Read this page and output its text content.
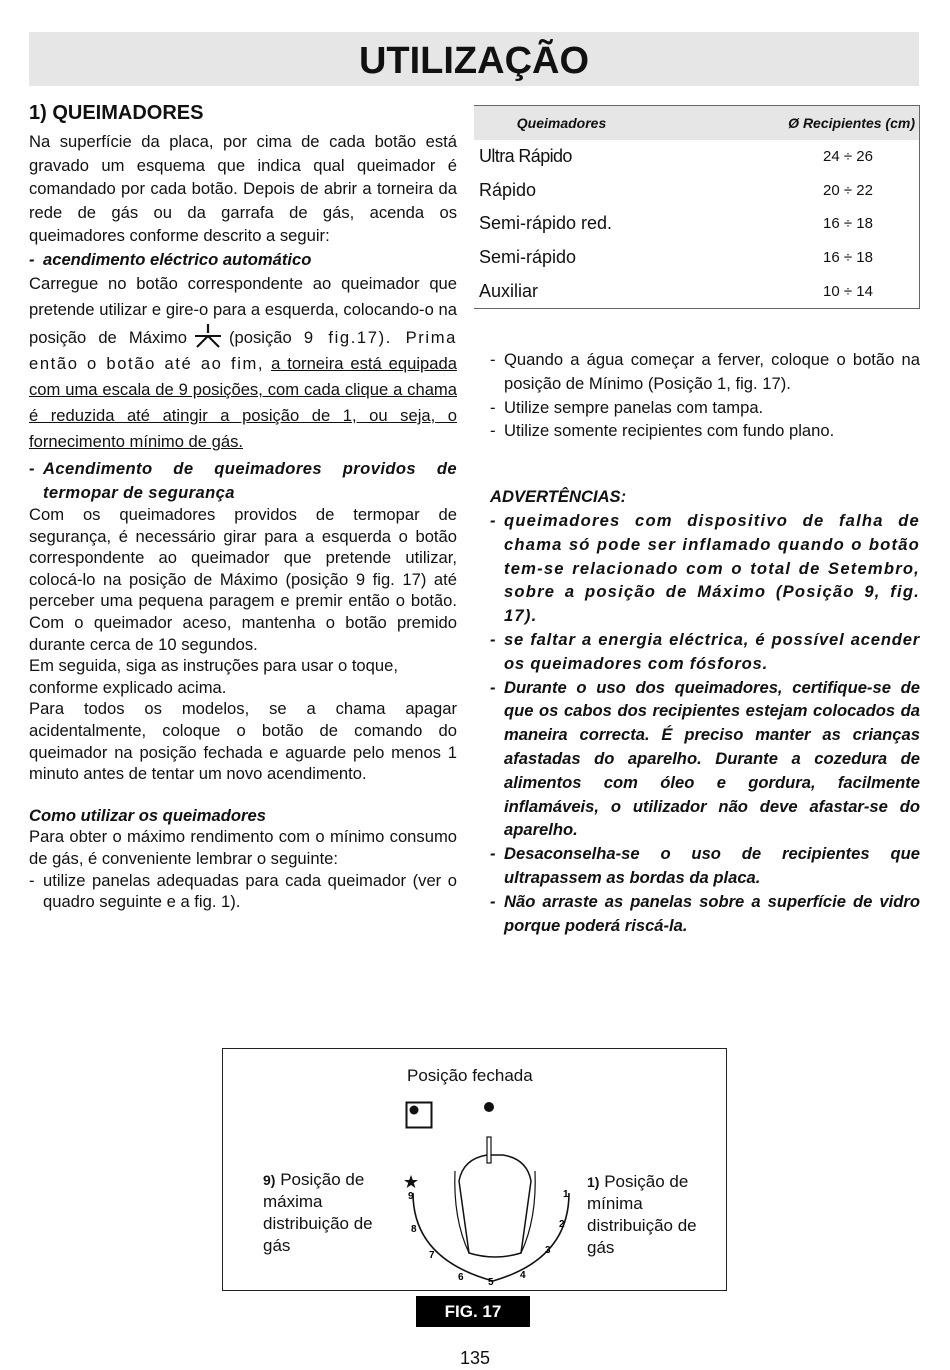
UTILIZAÇÃO
1) QUEIMADORES

Na superfície da placa, por cima de cada botão está gravado um esquema que indica qual queimador é comandado por cada botão. Depois de abrir a torneira da rede de gás ou da garrafa de gás, acenda os queimadores conforme descrito a seguir:

- acendimento eléctrico automático

Carregue no botão correspondente ao queimador que pretende utilizar e gire-o para a esquerda, colocando-o na posição de Máximo	(posição 9 fig.17). Prima então o botão até ao fim, a torneira está equipada com uma escala de 9 posições, com cada clique a chama é reduzida até atingir a posição de 1, ou seja, o fornecimento mínimo de gás.

- Acendimento de queimadores providos de termopar de segurança

Com os queimadores providos de termopar de segurança, é necessário girar para a esquerda o botão correspondente ao queimador que pretende utilizar, colocá-lo na posição de Máximo (posição 9 fig. 17) até perceber uma pequena paragem e premir então o botão. Com o queimador aceso, mantenha o botão premido durante cerca de 10 segundos.

Em seguida, siga as instruções para usar o toque, conforme explicado acima.

Para todos os modelos, se a chama apagar acidentalmente, coloque o botão de comando do queimador na posição fechada e aguarde pelo menos 1 minuto antes de tentar um novo acendimento.

Como utilizar os queimadores

Para obter o máximo rendimento com o mínimo consumo de gás, é conveniente lembrar o seguinte:

- utilize panelas adequadas para cada queimador (ver o quadro seguinte e a fig. 1).
Queimadores	Ø Recipientes (cm)
Ultra Rápido	24 ÷ 26
Rápido	20 ÷ 22
Semi-rápido red.	16 ÷ 18
Semi-rápido	16 ÷ 18
Auxiliar	10 ÷ 14
- Quando a água começar a ferver, coloque o botão na posição de Mínimo (Posição 1, fig. 17).
- Utilize sempre panelas com tampa.
- Utilize somente recipientes com fundo plano.
ADVERTÊNCIAS:
- queimadores com dispositivo de falha de chama só pode ser inflamado quando o botão tem-se relacionado com o total de Setembro, sobre a posição de Máximo (Posição 9, fig. 17).
- se faltar a energia eléctrica, é possível acender os queimadores com fósforos.
- Durante o uso dos queimadores, certifique-se de que os cabos dos recipientes estejam colocados da maneira correcta. É preciso manter as crianças afastadas do aparelho. Durante a cozedura de alimentos com óleo e gordura, facilmente inflamáveis, o utilizador não deve afastar-se do aparelho.
- Desaconselha-se o uso de recipientes que ultrapassem as bordas da placa.
- Não arraste as panelas sobre a superfície de vidro porque poderá riscá-la.
Posição fechada
9) Posição de máxima distribuição de gás
1) Posição de mínima distribuição de gás
9
8
7
6 5
4
3
2
1
FIG. 17
135
